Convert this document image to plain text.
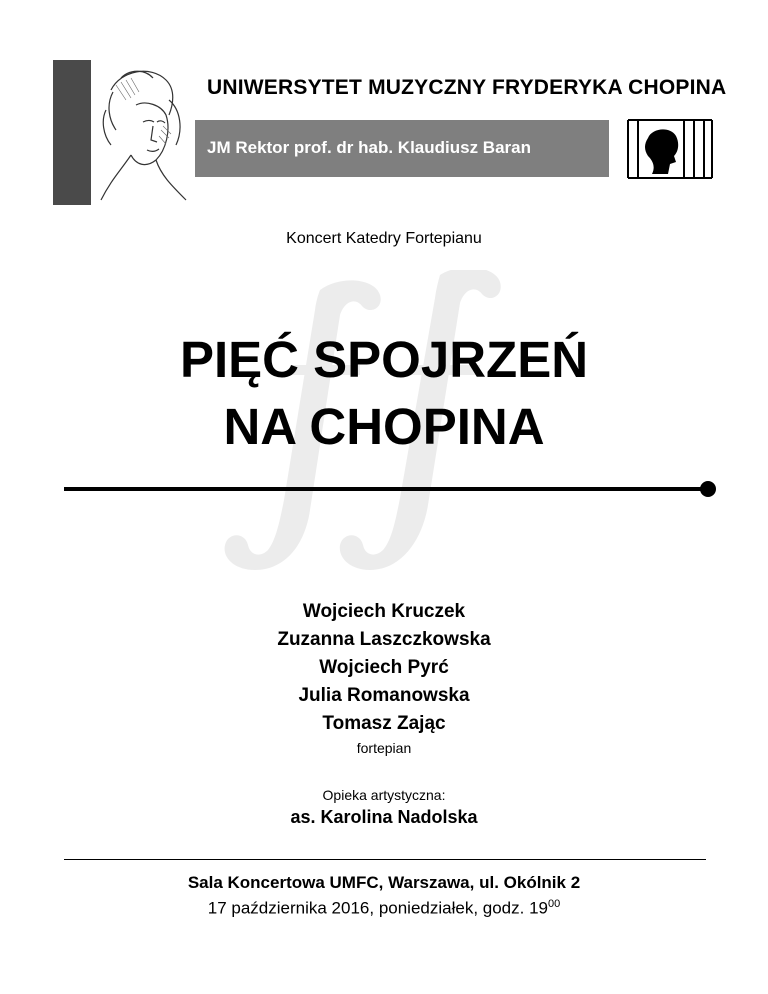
UNIWERSYTET MUZYCZNY FRYDERYKA CHOPINA
JM Rektor prof. dr hab. Klaudiusz Baran
Koncert Katedry Fortepianu
PIĘĆ SPOJRZEŃ
NA CHOPINA
Wojciech Kruczek
Zuzanna Laszczkowska
Wojciech Pyrć
Julia Romanowska
Tomasz Zając
fortepian
Opieka artystyczna:
as. Karolina Nadolska
Sala Koncertowa UMFC, Warszawa, ul. Okólnik 2
17 października 2016, poniedziałek, godz. $19^{00}$
